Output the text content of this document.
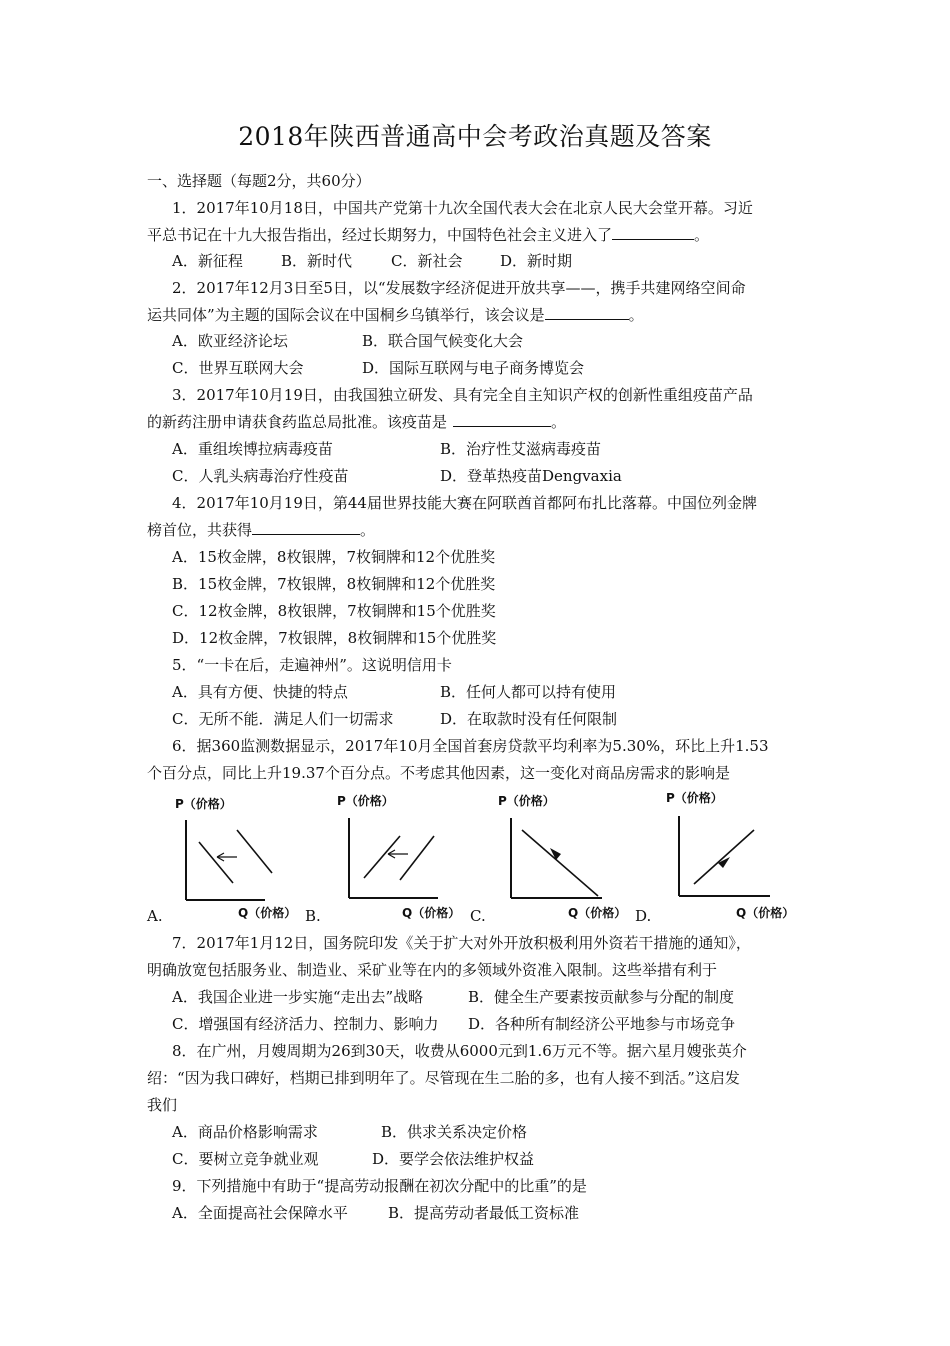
2018年陕西普通高中会考政治真题及答案
一、选择题（每题2分，共60分）
1．2017年10月18日，中国共产党第十九次全国代表大会在北京人民大会堂开幕。习近
平总书记在十九大报告指出，经过长期努力，中国特色社会主义进入了	。
A．新征程	B．新时代	C．新社会	D．新时期
2．2017年12月3日至5日，以“发展数字经济促进开放共享——，携手共建网络空间命
运共同体”为主题的国际会议在中国桐乡乌镇举行，该会议是	。
A．欧亚经济论坛	B．联合国气候变化大会
C．世界互联网大会	D．国际互联网与电子商务博览会
3．2017年10月19日，由我国独立研发、具有完全自主知识产权的创新性重组疫苗产品
的新药注册申请获食药监总局批准。该疫苗是	。
A．重组埃博拉病毒疫苗	B．治疗性艾滋病毒疫苗
C．人乳头病毒治疗性疫苗	D．登革热疫苗Dengvaxia
4．2017年10月19日，第44届世界技能大赛在阿联酋首都阿布扎比落幕。中国位列金牌
榜首位，共获得	。
A．15枚金牌，8枚银牌，7枚铜牌和12个优胜奖
B．15枚金牌，7枚银牌，8枚铜牌和12个优胜奖
C．12枚金牌，8枚银牌，7枚铜牌和15个优胜奖
D．12枚金牌，7枚银牌，8枚铜牌和15个优胜奖
5．“一卡在后，走遍神州”。这说明信用卡
A．具有方便、快捷的特点	B．任何人都可以持有使用
C．无所不能．满足人们一切需求	D．在取款时没有任何限制
6．据360监测数据显示，2017年10月全国首套房贷款平均利率为5.30%，环比上升1.53
个百分点，同比上升19.37个百分点。不考虑其他因素，这一变化对商品房需求的影响是
P（价格）
Q（价格）
A.
P（价格）
Q（价格）
B.
P（价格）
Q（价格）
C.
P（价格）
Q（价格）
D.
7．2017年1月12日，国务院印发《关于扩大对外开放积极利用外资若干措施的通知》，
明确放宽包括服务业、制造业、采矿业等在内的多领域外资准入限制。这些举措有利于
A．我国企业进一步实施“走出去”战略	B．健全生产要素按贡献参与分配的制度
C．增强国有经济活力、控制力、影响力 D．各种所有制经济公平地参与市场竞争
8．在广州，月嫂周期为26到30天，收费从6000元到1.6万元不等。据六星月嫂张英介
绍：“因为我口碑好，档期已排到明年了。尽管现在生二胎的多，也有人接不到活。”这启发
我们
A．商品价格影响需求	B．供求关系决定价格
C．要树立竞争就业观	D．要学会依法维护权益
9．下列措施中有助于“提高劳动报酬在初次分配中的比重”的是
A．全面提高社会保障水平	B．提高劳动者最低工资标准
